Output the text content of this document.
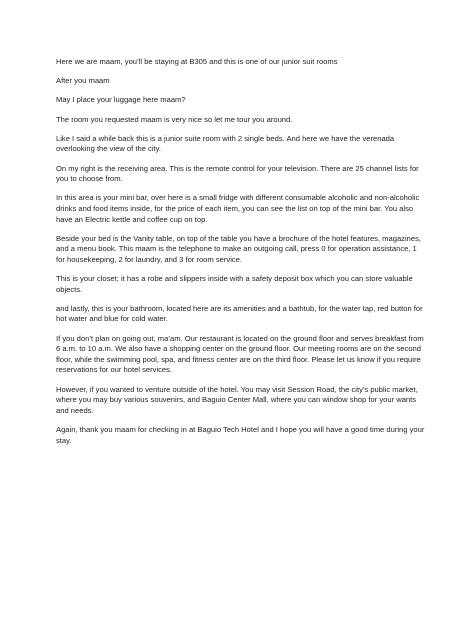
Here we are maam, you’ll be staying at B305 and this is one of our junior suit rooms

After you maam

May I place your luggage here maam?

The room you requested maam is very nice so let me tour you around.

Like I said a while back this is a junior suite room with 2 single beds. And here we have the verenada overlooking the view of the city.

On my right is the receiving area. This is the remote control for your television. There are 25 channel lists for you to choose from.

In this area is your mini bar, over here is a small fridge with different consumable alcoholic and non-alcoholic drinks and food items inside, for the price of each item, you can see the list on top of the mini bar. You also have an Electric kettle and coffee cup on top.

Beside your bed is the Vanity table, on top of the table you have a brochure of the hotel features, magazines, and a menu book. This maam is the telephone to make an outgoing call, press 0 for operation assistance, 1 for housekeeping, 2 for laundry, and 3 for room service.

This is your closet; it has a robe and slippers inside with a safety deposit box which you can store valuable objects.

and lastly, this is your bathroom, located here are its amenities and a bathtub, for the water tap, red button for hot water and blue for cold water.

If you don’t plan on going out, ma’am. Our restaurant is located on the ground floor and serves breakfast from 6 a.m. to 10 a.m. We also have a shopping center on the ground floor. Our meeting rooms are on the second floor, while the swimming pool, spa, and fitness center are on the third floor. Please let us know if you require reservations for our hotel services.

However, if you wanted to venture outside of the hotel. You may visit Session Road, the city’s public market, where you may buy various souvenirs, and Baguio Center Mall, where you can window shop for your wants and needs.

Again, thank you maam for checking in at Baguio Tech Hotel and I hope you will have a good time during your stay.
